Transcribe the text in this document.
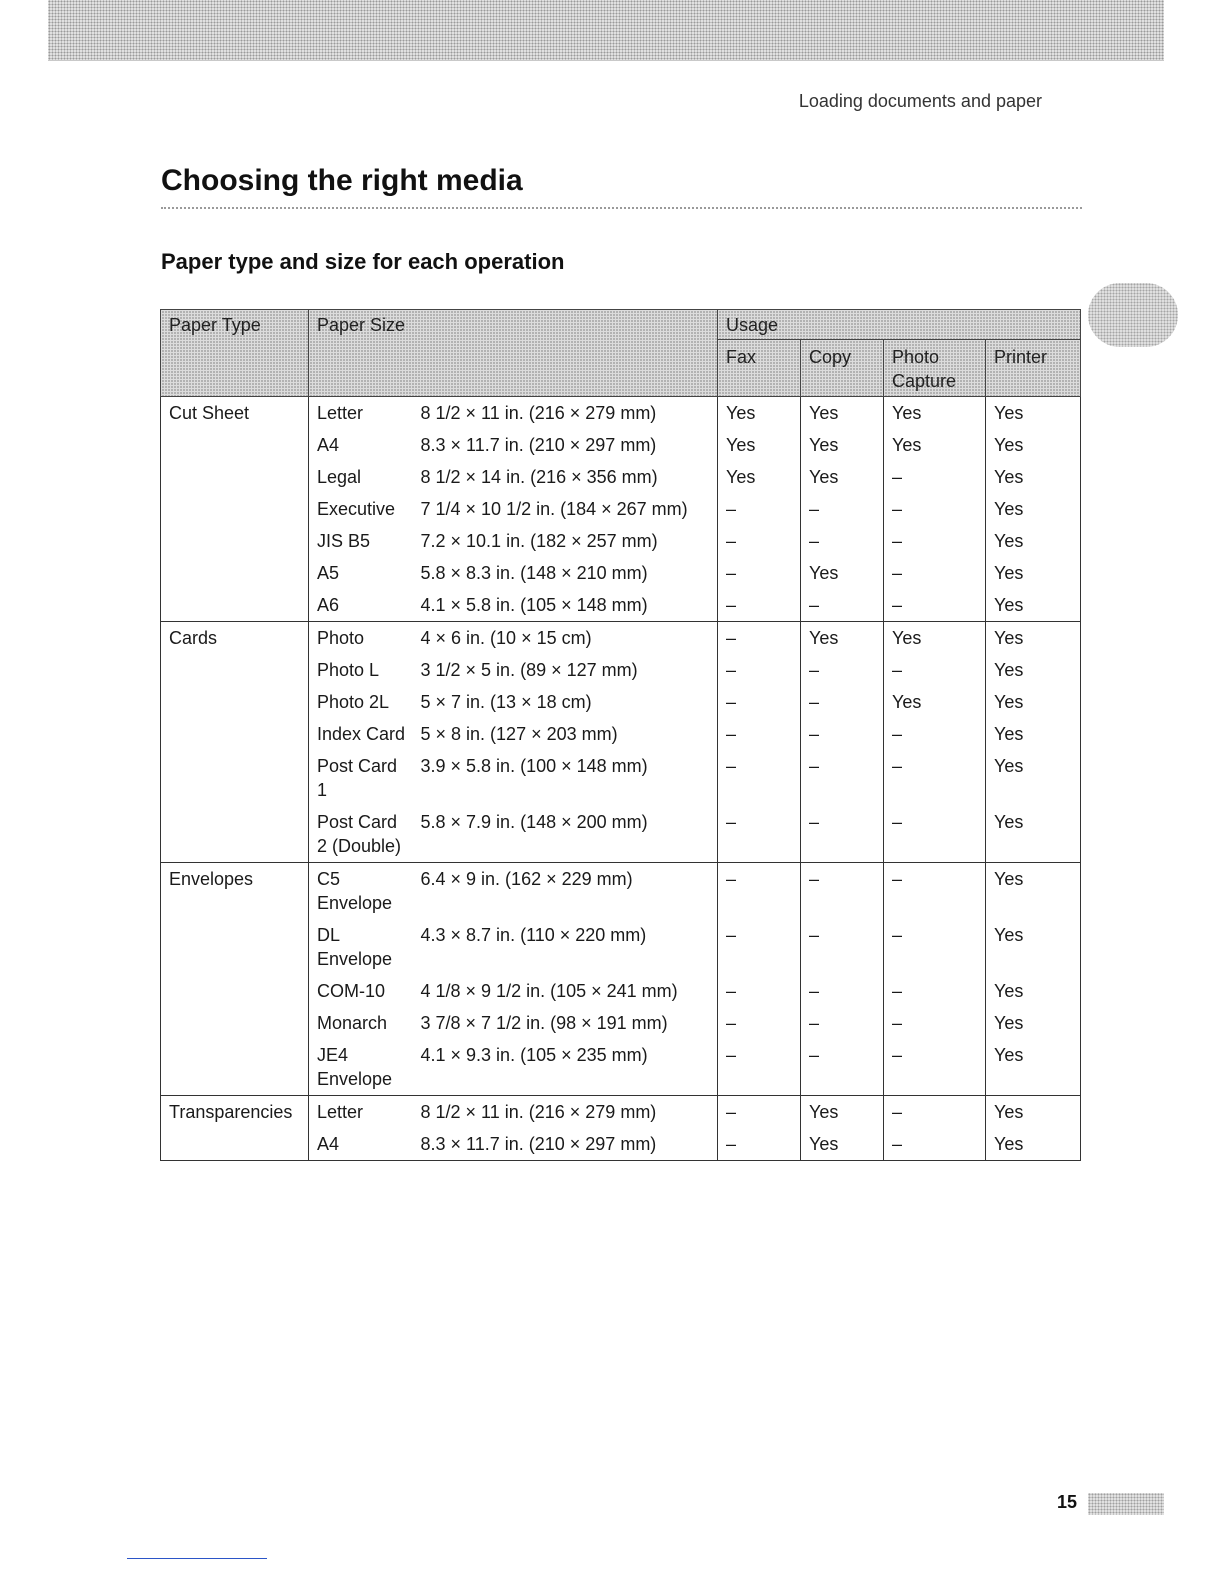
Loading documents and paper
Choosing the right media
Paper type and size for each operation
Paper Type	Paper Size		Usage			
			Fax	Copy	Photo Capture	Printer
Cut Sheet	Letter	8 1/2 × 11 in. (216 × 279 mm)	Yes	Yes	Yes	Yes
	A4	8.3 × 11.7 in. (210 × 297 mm)	Yes	Yes	Yes	Yes
	Legal	8 1/2 × 14 in. (216 × 356 mm)	Yes	Yes	–	Yes
	Executive	7 1/4 × 10 1/2 in. (184 × 267 mm)	–	–	–	Yes
	JIS B5	7.2 × 10.1 in. (182 × 257 mm)	–	–	–	Yes
	A5	5.8 × 8.3 in. (148 × 210 mm)	–	Yes	–	Yes
	A6	4.1 × 5.8 in. (105 × 148 mm)	–	–	–	Yes
Cards	Photo	4 × 6 in. (10 × 15 cm)	–	Yes	Yes	Yes
	Photo L	3 1/2 × 5 in. (89 × 127 mm)	–	–	–	Yes
	Photo 2L	5 × 7 in. (13 × 18 cm)	–	–	Yes	Yes
	Index Card	5 × 8 in. (127 × 203 mm)	–	–	–	Yes
	Post Card 1	3.9 × 5.8 in. (100 × 148 mm)	–	–	–	Yes
	Post Card 2 (Double)	5.8 × 7.9 in. (148 × 200 mm)	–	–	–	Yes
Envelopes	C5 Envelope	6.4 × 9 in. (162 × 229 mm)	–	–	–	Yes
	DL Envelope	4.3 × 8.7 in. (110 × 220 mm)	–	–	–	Yes
	COM-10	4 1/8 × 9 1/2 in. (105 × 241 mm)	–	–	–	Yes
	Monarch	3 7/8 × 7 1/2 in. (98 × 191 mm)	–	–	–	Yes
	JE4 Envelope	4.1 × 9.3 in. (105 × 235 mm)	–	–	–	Yes
Transparencies	Letter	8 1/2 × 11 in. (216 × 279 mm)	–	Yes	–	Yes
	A4	8.3 × 11.7 in. (210 × 297 mm)	–	Yes	–	Yes
15
